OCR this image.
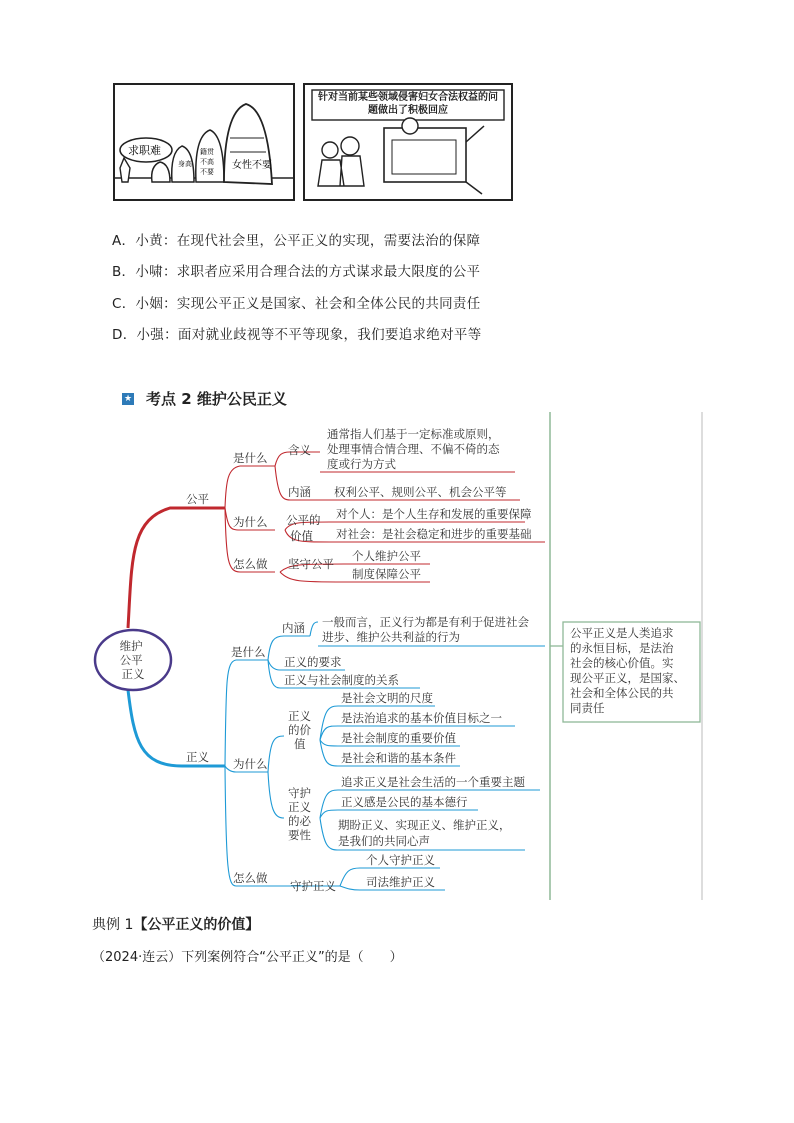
求职难
身高
籍贯
不高
不要
女性不要
针对当前某些领域侵害妇女合法权益的问题做出了积极回应
A．小黄：在现代社会里，公平正义的实现，需要法治的保障
B．小啸：求职者应采用合理合法的方式谋求最大限度的公平
C．小姻：实现公平正义是国家、社会和全体公民的共同责任
D．小强：面对就业歧视等不平等现象，我们要追求绝对平等
★ 考点 2 维护公民正义
公平正义是人类追求 的永恒目标，是法治 社会的核心价值。实 现公平正义，是国家、 社会和全体公民的共 同责任
维护 公平 正义
公平
正义
是什么
为什么
怎么做
含义
通常指人们基于一定标准或原则， 处理事情合情合理、不偏不倚的态 度或行为方式
内涵 权利公平、规则公平、机会公平等
公平的 价值
对个人：是个人生存和发展的重要保障
对社会：是社会稳定和进步的重要基础
坚守公平
个人维护公平
制度保障公平
是什么
为什么
怎么做
内涵 一般而言，正义行为都是有利于促进社会 进步、维护公共利益的行为
正义的要求
正义与社会制度的关系
正义 的价 值
是社会文明的尺度
是法治追求的基本价值目标之一
是社会制度的重要价值
是社会和谐的基本条件
守护 正义 的必 要性
追求正义是社会生活的一个重要主题
正义感是公民的基本德行
期盼正义、实现正义、维护正义， 是我们的共同心声
守护正义
个人守护正义
司法维护正义
典例 1【公平正义的价值】
（2024·连云）下列案例符合“公平正义”的是（　　）
